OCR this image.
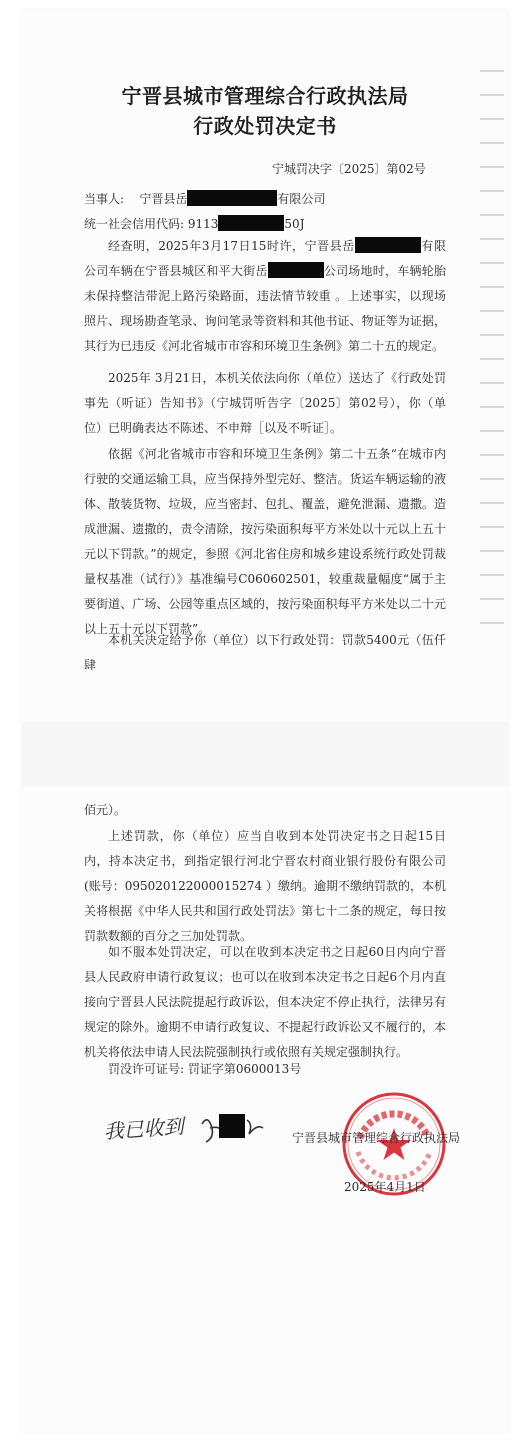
宁晋县城市管理综合行政执法局
行政处罚决定书
宁城罚决字〔2025〕第02号
当事人: 宁晋县岳	有限公司
统一社会信用代码: 9113	50J

经查明，2025年3月17日15时许，宁晋县岳	有限公司车辆在宁晋县城区和平大街岳	公司场地时，车辆轮胎未保持整洁带泥上路污染路面，违法情节较重 。上述事实，以现场照片、现场勘查笔录、询问笔录等资料和其他书证、物证等为证据，其行为已违反《河北省城市市容和环境卫生条例》第二十五的规定。

2025年 3月21日，本机关依法向你（单位）送达了《行政处罚事先（听证）告知书》（宁城罚听告字〔2025〕第02号），你（单位）已明确表达不陈述、不申辩［以及不听证］。

依据《河北省城市市容和环境卫生条例》第二十五条“在城市内行驶的交通运输工具，应当保持外型完好、整洁。货运车辆运输的液体、散装货物、垃圾，应当密封、包扎、覆盖，避免泄漏、遗撒。造成泄漏、遗撒的，责令清除，按污染面积每平方米处以十元以上五十元以下罚款。”的规定，参照《河北省住房和城乡建设系统行政处罚裁量权基准（试行）》基准编号C060602501，较重裁量幅度“属于主要街道、广场、公园等重点区域的，按污染面积每平方米处以二十元以上五十元以下罚款”。

本机关决定给予你（单位）以下行政处罚：罚款5400元（伍仟肆

佰元）。

上述罚款，你（单位）应当自收到本处罚决定书之日起15日内，持本决定书，到指定银行河北宁晋农村商业银行股份有限公司(账号：095020122000015274 ）缴纳。逾期不缴纳罚款的，本机关将根据《中华人民共和国行政处罚法》第七十二条的规定，每日按罚款数额的百分之三加处罚款。

如不服本处罚决定，可以在收到本决定书之日起60日内向宁晋县人民政府申请行政复议；也可以在收到本决定书之日起6个月内直接向宁晋县人民法院提起行政诉讼，但本决定不停止执行，法律另有规定的除外。逾期不申请行政复议、不提起行政诉讼又不履行的，本机关将依法申请人民法院强制执行或依照有关规定强制执行。

罚没许可证号: 罚证字第0600013号
我已收到	宁晋县城市管理综合行政执法局
2025年4月1日
